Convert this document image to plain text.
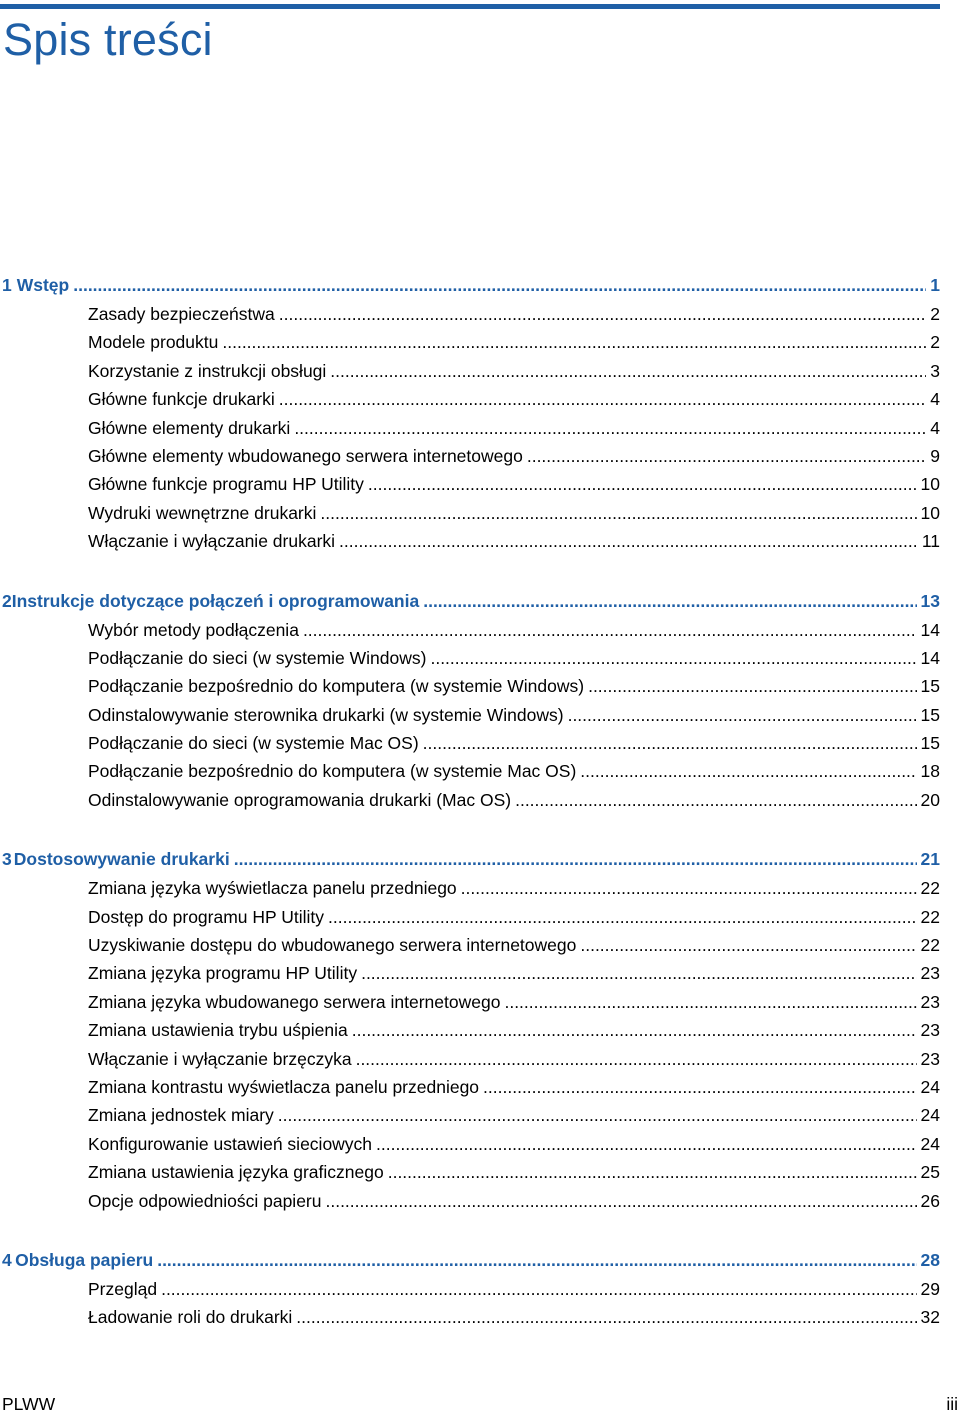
Spis treści
1 Wstęp .....	1
Zasady bezpieczeństwa .....	2
Modele produktu .....	2
Korzystanie z instrukcji obsługi .....	3
Główne funkcje drukarki .....	4
Główne elementy drukarki .....	4
Główne elementy wbudowanego serwera internetowego .....	9
Główne funkcje programu HP Utility .....	10
Wydruki wewnętrzne drukarki .....	10
Włączanie i wyłączanie drukarki .....	11
2 Instrukcje dotyczące połączeń i oprogramowania .....	13
Wybór metody podłączenia .....	14
Podłączanie do sieci (w systemie Windows) .....	14
Podłączanie bezpośrednio do komputera (w systemie Windows) .....	15
Odinstalowywanie sterownika drukarki (w systemie Windows) .....	15
Podłączanie do sieci (w systemie Mac OS) .....	15
Podłączanie bezpośrednio do komputera (w systemie Mac OS) .....	18
Odinstalowywanie oprogramowania drukarki (Mac OS) .....	20
3 Dostosowywanie drukarki .....	21
Zmiana języka wyświetlacza panelu przedniego .....	22
Dostęp do programu HP Utility .....	22
Uzyskiwanie dostępu do wbudowanego serwera internetowego .....	22
Zmiana języka programu HP Utility .....	23
Zmiana języka wbudowanego serwera internetowego .....	23
Zmiana ustawienia trybu uśpienia .....	23
Włączanie i wyłączanie brzęczyka .....	23
Zmiana kontrastu wyświetlacza panelu przedniego .....	24
Zmiana jednostek miary .....	24
Konfigurowanie ustawień sieciowych .....	24
Zmiana ustawienia języka graficznego .....	25
Opcje odpowiedniości papieru .....	26
4 Obsługa papieru .....	28
Przegląd .....	29
Ładowanie roli do drukarki .....	32
PLWW	iii
